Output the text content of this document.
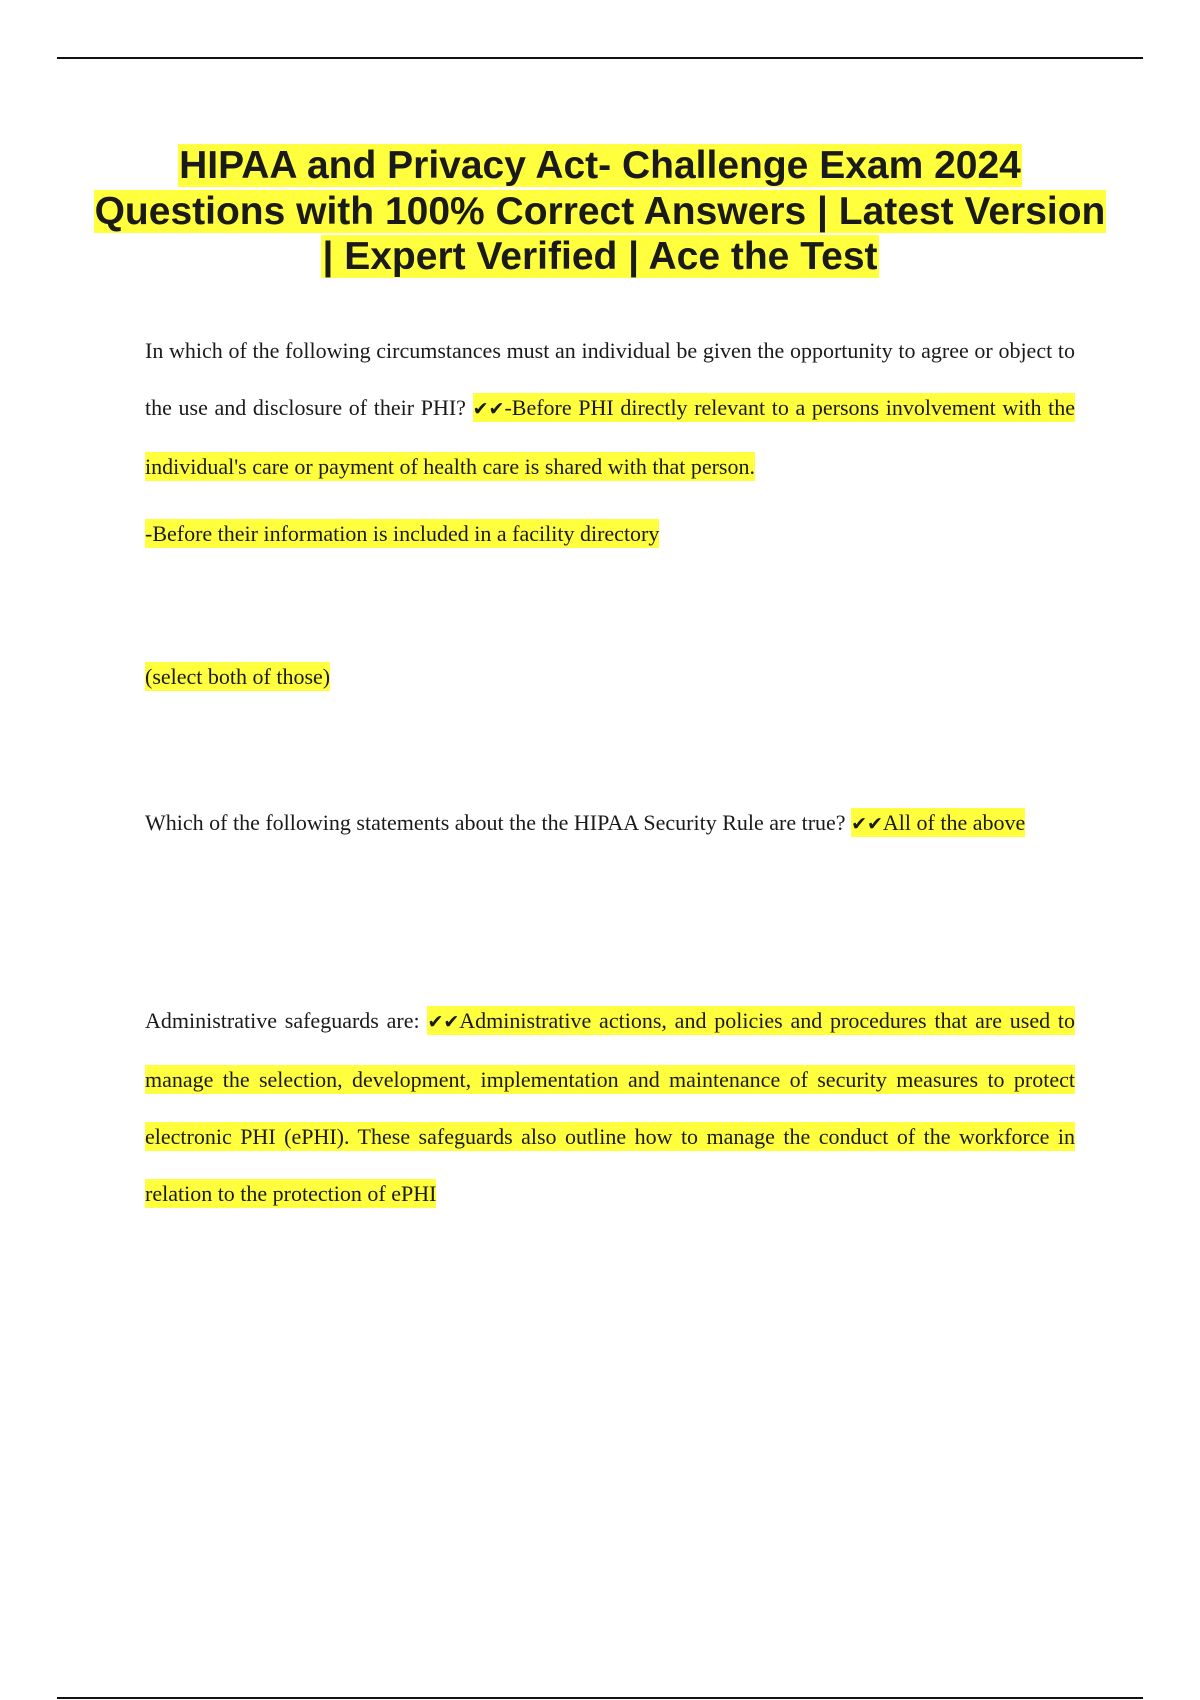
HIPAA and Privacy Act- Challenge Exam 2024 Questions with 100% Correct Answers | Latest Version | Expert Verified | Ace the Test

In which of the following circumstances must an individual be given the opportunity to agree or object to the use and disclosure of their PHI? ✔✔-Before PHI directly relevant to a persons involvement with the individual's care or payment of health care is shared with that person.

-Before their information is included in a facility directory

(select both of those)

Which of the following statements about the the HIPAA Security Rule are true? ✔✔All of the above

Administrative safeguards are: ✔✔Administrative actions, and policies and procedures that are used to manage the selection, development, implementation and maintenance of security measures to protect electronic PHI (ePHI). These safeguards also outline how to manage the conduct of the workforce in relation to the protection of ePHI
